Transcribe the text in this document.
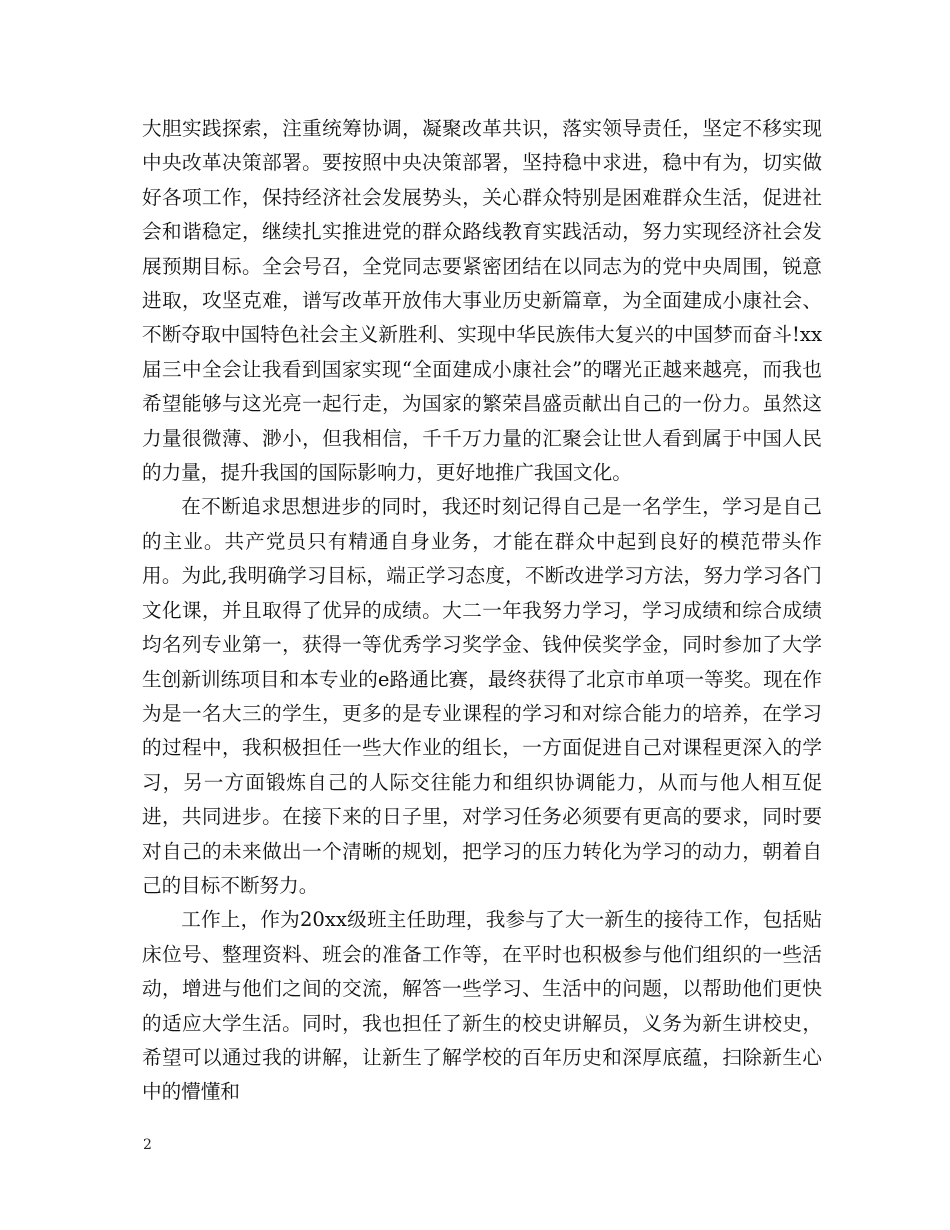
大胆实践探索，注重统筹协调，凝聚改革共识，落实领导责任，坚定不移实现中央改革决策部署。要按照中央决策部署，坚持稳中求进，稳中有为，切实做好各项工作，保持经济社会发展势头，关心群众特别是困难群众生活，促进社会和谐稳定，继续扎实推进党的群众路线教育实践活动，努力实现经济社会发展预期目标。全会号召，全党同志要紧密团结在以同志为的党中央周围，锐意进取，攻坚克难，谱写改革开放伟大事业历史新篇章，为全面建成小康社会、不断夺取中国特色社会主义新胜利、实现中华民族伟大复兴的中国梦而奋斗!xx届三中全会让我看到国家实现“全面建成小康社会”的曙光正越来越亮，而我也希望能够与这光亮一起行走，为国家的繁荣昌盛贡献出自己的一份力。虽然这力量很微薄、渺小，但我相信，千千万力量的汇聚会让世人看到属于中国人民的力量，提升我国的国际影响力，更好地推广我国文化。

在不断追求思想进步的同时，我还时刻记得自己是一名学生，学习是自己的主业。共产党员只有精通自身业务，才能在群众中起到良好的模范带头作用。为此,我明确学习目标，端正学习态度，不断改进学习方法，努力学习各门文化课，并且取得了优异的成绩。大二一年我努力学习，学习成绩和综合成绩均名列专业第一，获得一等优秀学习奖学金、钱仲侯奖学金，同时参加了大学生创新训练项目和本专业的e路通比赛，最终获得了北京市单项一等奖。现在作为是一名大三的学生，更多的是专业课程的学习和对综合能力的培养，在学习的过程中，我积极担任一些大作业的组长，一方面促进自己对课程更深入的学习，另一方面锻炼自己的人际交往能力和组织协调能力，从而与他人相互促进，共同进步。在接下来的日子里，对学习任务必须要有更高的要求，同时要对自己的未来做出一个清晰的规划，把学习的压力转化为学习的动力，朝着自己的目标不断努力。

工作上，作为20xx级班主任助理，我参与了大一新生的接待工作，包括贴床位号、整理资料、班会的准备工作等，在平时也积极参与他们组织的一些活动，增进与他们之间的交流，解答一些学习、生活中的问题，以帮助他们更快的适应大学生活。同时，我也担任了新生的校史讲解员，义务为新生讲校史，希望可以通过我的讲解，让新生了解学校的百年历史和深厚底蕴，扫除新生心中的懵懂和

2
